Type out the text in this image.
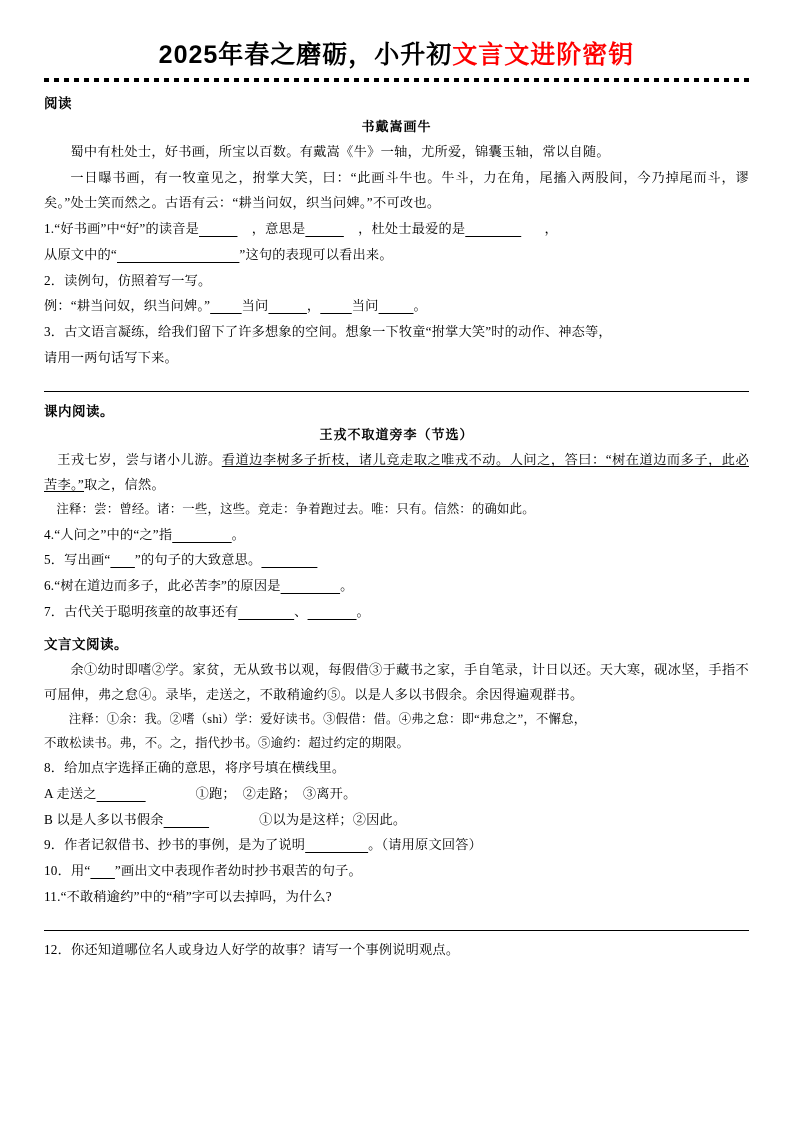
2025年春之磨砺，小升初文言文进阶密钥
阅读
书戴嵩画牛
蜀中有杜处士，好书画，所宝以百数。有戴嵩《牛》一轴，尤所爱，锦囊玉轴，常以自随。
一日曝书画，有一牧童见之，拊掌大笑，曰：“此画斗牛也。牛斗，力在角，尾搐入两股间，今乃掉尾而斗，谬矣。”处士笑而然之。古语有云：“耕当问奴，织当问婢。”不可改也。
1.“好书画”中“好”的读音是	，意思是	，杜处士最爱的是	，
从原文中的“	”这句的表现可以看出来。
2．读例句，仿照着写一写。
例：“耕当问奴，织当问婢。” 当问	， 当问	。
3．古文语言凝练，给我们留下了许多想象的空间。想象一下牧童“拊掌大笑”时的动作、神态等，
请用一两句话写下来。
课内阅读。
王戎不取道旁李（节选）
王戎七岁，尝与诸小儿游。看道边李树多子折枝，诸儿竞走取之唯戎不动。人问之，答曰：“树在道边而多子，此必苦李。”取之，信然。
注释：尝：曾经。诸：一些，这些。竞走：争着跑过去。唯：只有。信然：的确如此。
4.“人问之”中的“之”指	。
5．写出画“ ”的句子的大致意思。
6.“树在道边而多子，此必苦李”的原因是	。
7．古代关于聪明孩童的故事还有	、	。
文言文阅读。
余①幼时即嗜②学。家贫，无从致书以观，每假借③于藏书之家，手自笔录，计日以还。天大寒，砚冰坚，手指不可屈伸，弗之怠④。录毕，走送之，不敢稍逾约⑤。以是人多以书假余。余因得遍观群书。
注释：①余：我。②嗜（shì）学：爱好读书。③假借：借。④弗之怠：即“弗怠之”，不懈怠，
不敢松读书。弗，不。之，指代抄书。⑤逾约：超过约定的期限。
8．给加点字选择正确的意思，将序号填在横线里。
A 走送之	①跑；　②走路；　③离开。
B 以是人多以书假余	①以为是这样；②因此。
9．作者记叙借书、抄书的事例，是为了说明	。（请用原文回答）
10．用“ ”画出文中表现作者幼时抄书艰苦的句子。
11.“不敢稍逾约”中的“稍”字可以去掉吗，为什么?
12．你还知道哪位名人或身边人好学的故事？请写一个事例说明观点。
